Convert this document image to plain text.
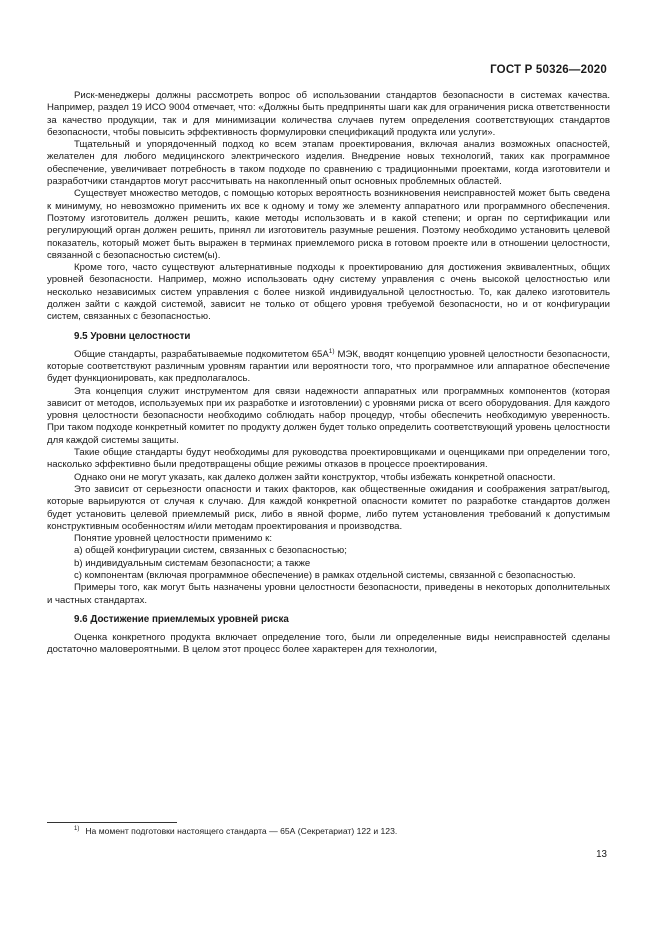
ГОСТ Р 50326—2020

Риск-менеджеры должны рассмотреть вопрос об использовании стандартов безопасности в системах качества. Например, раздел 19 ИСО 9004 отмечает, что: «Должны быть предприняты шаги как для ограничения риска ответственности за качество продукции, так и для минимизации количества случаев путем определения соответствующих стандартов безопасности, чтобы повысить эффективность формулировки спецификаций продукта или услуги».

Тщательный и упорядоченный подход ко всем этапам проектирования, включая анализ возможных опасностей, желателен для любого медицинского электрического изделия. Внедрение новых технологий, таких как программное обеспечение, увеличивает потребность в таком подходе по сравнению с традиционными проектами, когда изготовители и разработчики стандартов могут рассчитывать на накопленный опыт основных проблемных областей.

Существует множество методов, с помощью которых вероятность возникновения неисправностей может быть сведена к минимуму, но невозможно применить их все к одному и тому же элементу аппаратного или программного обеспечения. Поэтому изготовитель должен решить, какие методы использовать и в какой степени; и орган по сертификации или регулирующий орган должен решить, принял ли изготовитель разумные решения. Поэтому необходимо установить целевой показатель, который может быть выражен в терминах приемлемого риска в готовом проекте или в отношении целостности, связанной с безопасностью систем(ы).

Кроме того, часто существуют альтернативные подходы к проектированию для достижения эквивалентных, общих уровней безопасности. Например, можно использовать одну систему управления с очень высокой целостностью или несколько независимых систем управления с более низкой индивидуальной целостностью. То, как далеко изготовитель должен зайти с каждой системой, зависит не только от общего уровня требуемой безопасности, но и от конфигурации систем, связанных с безопасностью.

9.5 Уровни целостности

Общие стандарты, разрабатываемые подкомитетом $65А^{1)}$ МЭК, вводят концепцию уровней целостности безопасности, которые соответствуют различным уровням гарантии или вероятности того, что программное или аппаратное обеспечение будет функционировать, как предполагалось.

Эта концепция служит инструментом для связи надежности аппаратных или программных компонентов (которая зависит от методов, используемых при их разработке и изготовлении) с уровнями риска от всего оборудования. Для каждого уровня целостности безопасности необходимо соблюдать набор процедур, чтобы обеспечить необходимую уверенность. При таком подходе конкретный комитет по продукту должен будет только определить соответствующий уровень целостности для каждой системы защиты.

Такие общие стандарты будут необходимы для руководства проектировщиками и оценщиками при определении того, насколько эффективно были предотвращены общие режимы отказов в процессе проектирования.

Однако они не могут указать, как далеко должен зайти конструктор, чтобы избежать конкретной опасности.

Это зависит от серьезности опасности и таких факторов, как общественные ожидания и соображения затрат/выгод, которые варьируются от случая к случаю. Для каждой конкретной опасности комитет по разработке стандартов должен будет установить целевой приемлемый риск, либо в явной форме, либо путем установления требований к допустимым конструктивным особенностям и/или методам проектирования и производства.

Понятие уровней целостности применимо к:

а) общей конфигурации систем, связанных с безопасностью;

b) индивидуальным системам безопасности; а также

с) компонентам (включая программное обеспечение) в рамках отдельной системы, связанной с безопасностью.

Примеры того, как могут быть назначены уровни целостности безопасности, приведены в некоторых дополнительных и частных стандартах.

9.6 Достижение приемлемых уровней риска

Оценка конкретного продукта включает определение того, были ли определенные виды неисправностей сделаны достаточно маловероятными. В целом этот процесс более характерен для технологии,

$^{1)}$ На момент подготовки настоящего стандарта — 65А (Секретариат) 122 и 123.
13
